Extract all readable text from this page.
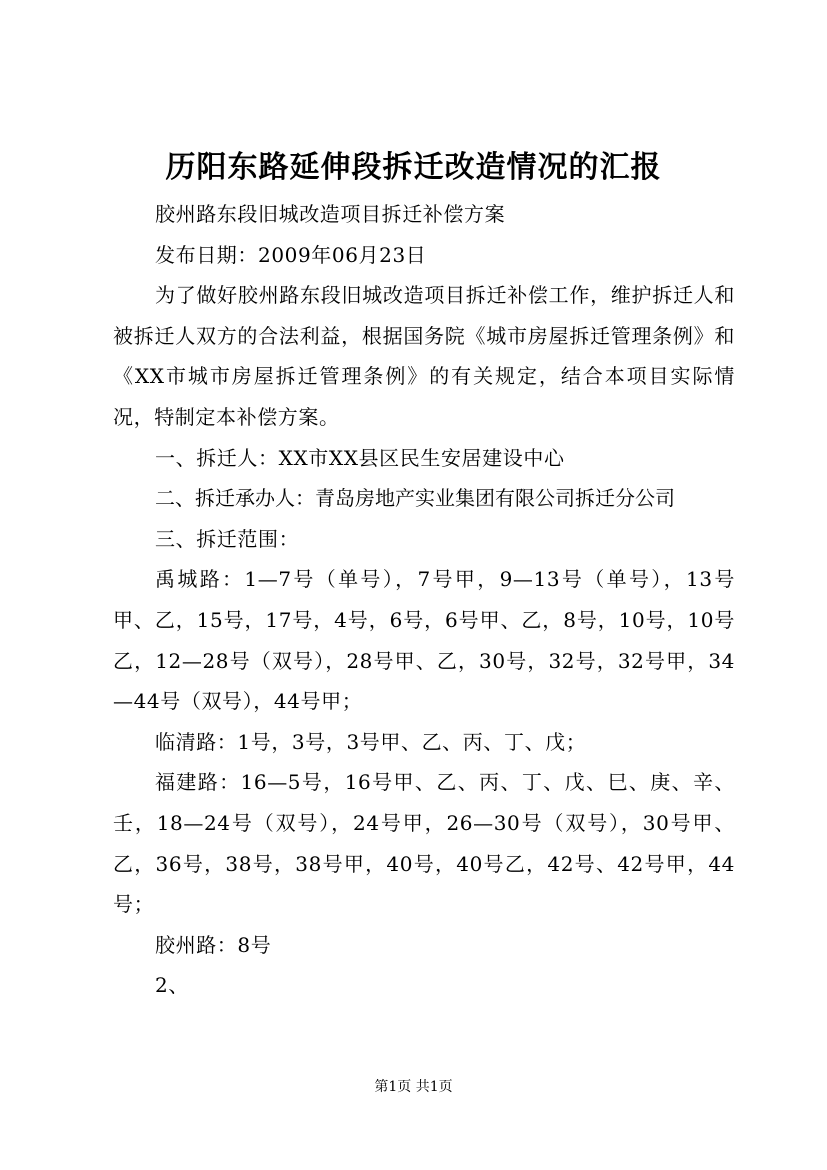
历阳东路延伸段拆迁改造情况的汇报

胶州路东段旧城改造项目拆迁补偿方案

发布日期：2009年06月23日

为了做好胶州路东段旧城改造项目拆迁补偿工作，维护拆迁人和被拆迁人双方的合法利益，根据国务院《城市房屋拆迁管理条例》和《XX市城市房屋拆迁管理条例》的有关规定，结合本项目实际情况，特制定本补偿方案。

一、拆迁人：XX市XX县区民生安居建设中心

二、拆迁承办人：青岛房地产实业集团有限公司拆迁分公司

三、拆迁范围：

禹城路：1—7号（单号），7号甲，9—13号（单号），13号甲、乙，15号，17号，4号，6号，6号甲、乙，8号，10号，10号乙，12—28号（双号），28号甲、乙，30号，32号，32号甲，34—44号（双号），44号甲；

临清路：1号，3号，3号甲、乙、丙、丁、戊；

福建路：16—5号，16号甲、乙、丙、丁、戊、巳、庚、辛、壬，18—24号（双号），24号甲，26—30号（双号），30号甲、乙，36号，38号，38号甲，40号，40号乙，42号、42号甲，44号；

胶州路：8号

2、

第1页 共1页
